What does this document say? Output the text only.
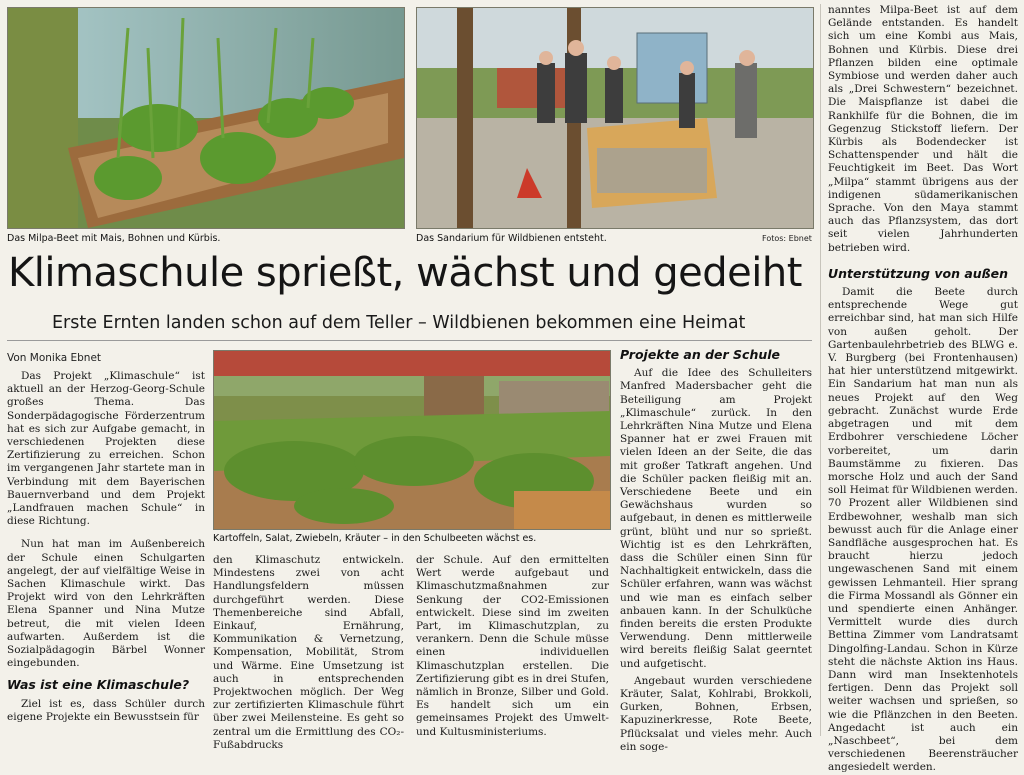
Das Milpa-Beet mit Mais, Bohnen und Kürbis.	Das Sandarium für Wildbienen entsteht.	Fotos: Ebnet
Klimaschule sprießt, wächst und gedeiht
Erste Ernten landen schon auf dem Teller – Wildbienen bekommen eine Heimat
Kartoffeln, Salat, Zwiebeln, Kräuter – in den Schulbeeten wächst es.
Von Monika Ebnet

Das Projekt „Klimaschule“ ist aktuell an der Herzog-Georg-Schule großes Thema. Das Sonderpädagogische Förderzentrum hat es sich zur Aufgabe gemacht, in verschiedenen Projekten diese Zertifizierung zu erreichen. Schon im vergangenen Jahr startete man in Verbindung mit dem Bayerischen Bauernverband und dem Projekt „Landfrauen machen Schule“ in diese Richtung.

Nun hat man im Außenbereich der Schule einen Schulgarten angelegt, der auf vielfältige Weise in Sachen Klimaschule wirkt. Das Projekt wird von den Lehrkräften Elena Spanner und Nina Mutze betreut, die mit vielen Ideen aufwarten. Außerdem ist die Sozialpädagogin Bärbel Wonner eingebunden.

Was ist eine Klimaschule?

Ziel ist es, dass Schüler durch eigene Projekte ein Bewusstsein für

den Klimaschutz entwickeln. Mindestens zwei von acht Handlungsfeldern müssen durchgeführt werden. Diese Themenbereiche sind Abfall, Einkauf, Ernährung, Kommunikation & Vernetzung, Kompensation, Mobilität, Strom und Wärme. Eine Umsetzung ist auch in entsprechenden Projektwochen möglich. Der Weg zur zertifizierten Klimaschule führt über zwei Meilensteine. Es geht so zentral um die Ermittlung des CO₂-Fußabdrucks

der Schule. Auf den ermittelten Wert werde aufgebaut und Klimaschutzmaßnahmen zur Senkung der CO2-Emissionen entwickelt. Diese sind im zweiten Part, im Klimaschutzplan, zu verankern. Denn die Schule müsse einen individuellen Klimaschutzplan erstellen. Die Zertifizierung gibt es in drei Stufen, nämlich in Bronze, Silber und Gold. Es handelt sich um ein gemeinsames Projekt des Umwelt- und Kultusministeriums.

Projekte an der Schule

Auf die Idee des Schulleiters Manfred Madersbacher geht die Beteiligung am Projekt „Klimaschule“ zurück. In den Lehrkräften Nina Mutze und Elena Spanner hat er zwei Frauen mit vielen Ideen an der Seite, die das mit großer Tatkraft angehen. Und die Schüler packen fleißig mit an. Verschiedene Beete und ein Gewächshaus wurden so aufgebaut, in denen es mittlerweile grünt, blüht und nur so sprießt. Wichtig ist es den Lehrkräften, dass die Schüler einen Sinn für Nachhaltigkeit entwickeln, dass die Schüler erfahren, wann was wächst und wie man es einfach selber anbauen kann. In der Schulküche finden bereits die ersten Produkte Verwendung. Denn mittlerweile wird bereits fleißig Salat geerntet und aufgetischt.

Angebaut wurden verschiedene Kräuter, Salat, Kohlrabi, Brokkoli, Gurken, Bohnen, Erbsen, Kapuzinerkresse, Rote Beete, Pflücksalat und vieles mehr. Auch ein soge-

nanntes Milpa-Beet ist auf dem Gelände entstanden. Es handelt sich um eine Kombi aus Mais, Bohnen und Kürbis. Diese drei Pflanzen bilden eine optimale Symbiose und werden daher auch als „Drei Schwestern“ bezeichnet. Die Maispflanze ist dabei die Rankhilfe für die Bohnen, die im Gegenzug Stickstoff liefern. Der Kürbis als Bodendecker ist Schattenspender und hält die Feuchtigkeit im Beet. Das Wort „Milpa“ stammt übrigens aus der indigenen südamerikanischen Sprache. Von den Maya stammt auch das Pflanzsystem, das dort seit vielen Jahrhunderten betrieben wird.

Unterstützung von außen

Damit die Beete durch entsprechende Wege gut erreichbar sind, hat man sich Hilfe von außen geholt. Der Gartenbaulehrbetrieb des BLWG e. V. Burgberg (bei Frontenhausen) hat hier unterstützend mitgewirkt. Ein Sandarium hat man nun als neues Projekt auf den Weg gebracht. Zunächst wurde Erde abgetragen und mit dem Erdbohrer verschiedene Löcher vorbereitet, um darin Baumstämme zu fixieren. Das morsche Holz und auch der Sand soll Heimat für Wildbienen werden. 70 Prozent aller Wildbienen sind Erdbewohner, weshalb man sich bewusst auch für die Anlage einer Sandfläche ausgesprochen hat. Es braucht hierzu jedoch ungewaschenen Sand mit einem gewissen Lehmanteil. Hier sprang die Firma Mossandl als Gönner ein und spendierte einen Anhänger. Vermittelt wurde dies durch Bettina Zimmer vom Landratsamt Dingolfing-Landau. Schon in Kürze steht die nächste Aktion ins Haus. Dann wird man Insektenhotels fertigen. Denn das Projekt soll weiter wachsen und sprießen, so wie die Pflänzchen in den Beeten. Angedacht ist auch ein „Naschbeet“, bei dem verschiedenen Beerensträucher angesiedelt werden.
